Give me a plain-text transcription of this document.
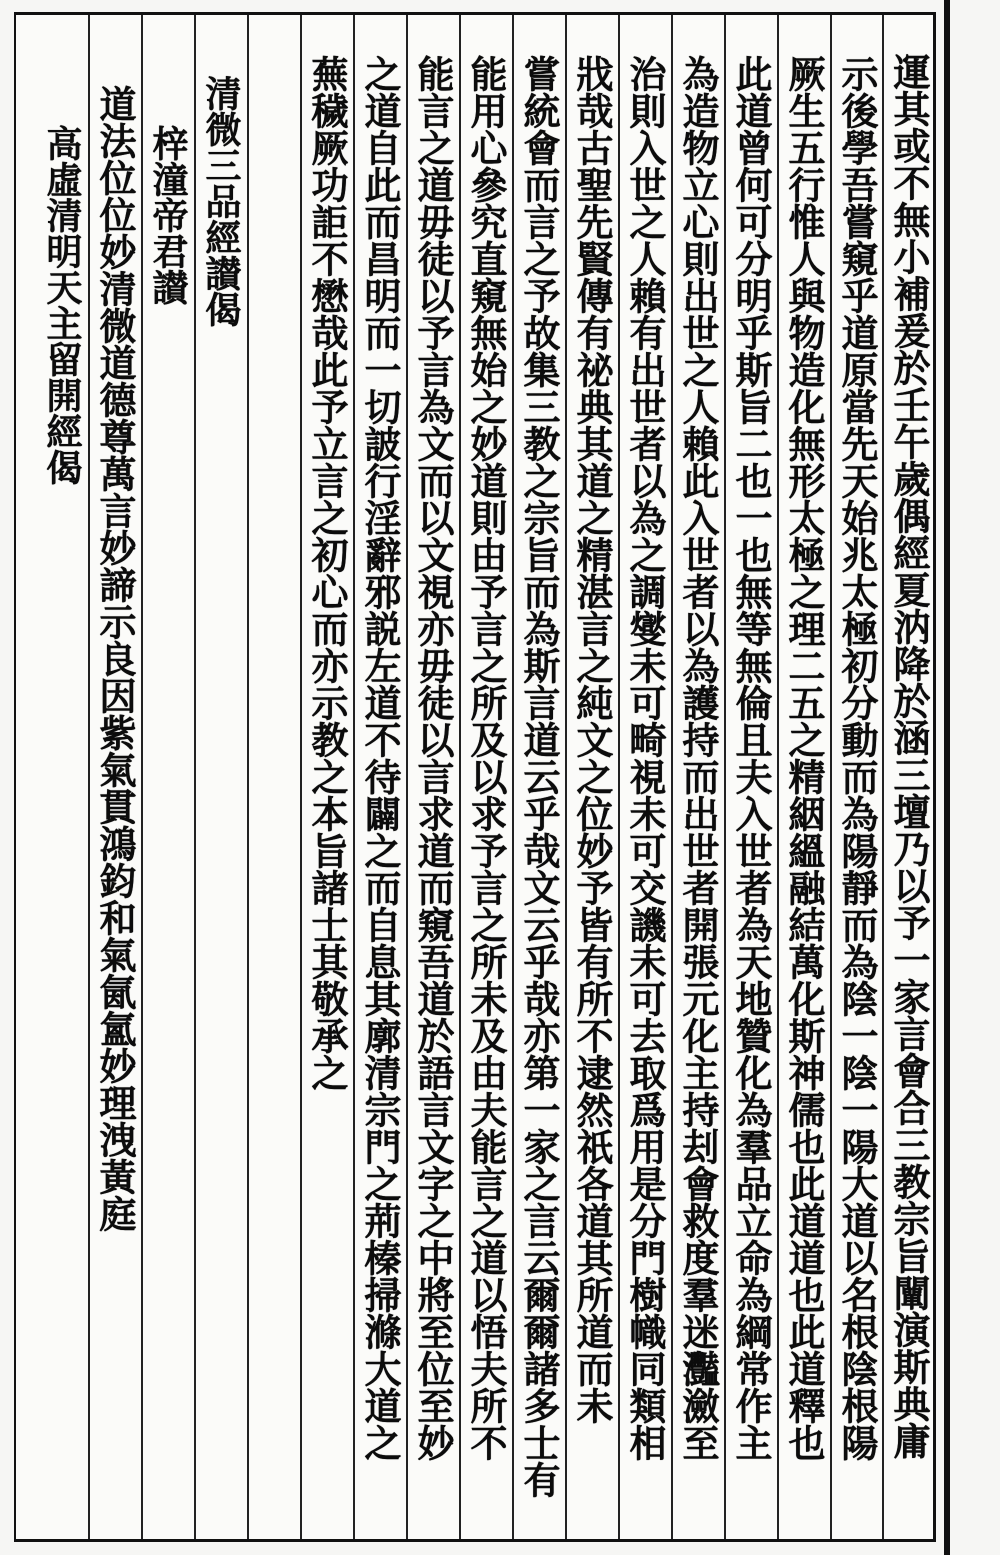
運其或不無小補爰於壬午歲偶經夏汭降於涵三壇乃以予一家言會合三教宗旨闡演斯典庸
示後學吾嘗窺乎道原當先天始兆太極初分動而為陽靜而為陰一陰一陽大道以名根陰根陽
厥生五行惟人與物造化無形太極之理二五之精絪縕融結萬化斯神儒也此道道也此道釋也
此道曾何可分明乎斯旨二也一也無等無倫且夫入世者為天地贊化為羣品立命為綱常作主
為造物立心則出世之人賴此入世者以為護持而出世者開張元化主持刦會救度羣迷灩瀲至
治則入世之人賴有出世者以為之調燮未可畸視未可交譏未可去取爲用是分門樹幟同類相
戕哉古聖先賢傳有祕典其道之精湛言之純文之位妙予皆有所不逮然祇各道其所道而未
嘗統會而言之予故集三教之宗旨而為斯言道云乎哉文云乎哉亦第一家之言云爾爾諸多士有
能用心參究直窺無始之妙道則由予言之所及以求予言之所未及由夫能言之道以悟夫所不
能言之道毋徒以予言為文而以文視亦毋徒以言求道而窺吾道於語言文字之中將至位至妙
之道自此而昌明而一切詖行淫辭邪説左道不待闢之而自息其廓清宗門之荊榛掃滌大道之
蕪穢厥功詎不懋哉此予立言之初心而亦示教之本旨諸士其敬承之
清微三品經讃偈
梓潼帝君讃
道法位位妙清微道德尊萬言妙諦示良因紫氣貫鴻鈞和氣氤氳妙理洩黃庭
高虛清明天主留開經偈
